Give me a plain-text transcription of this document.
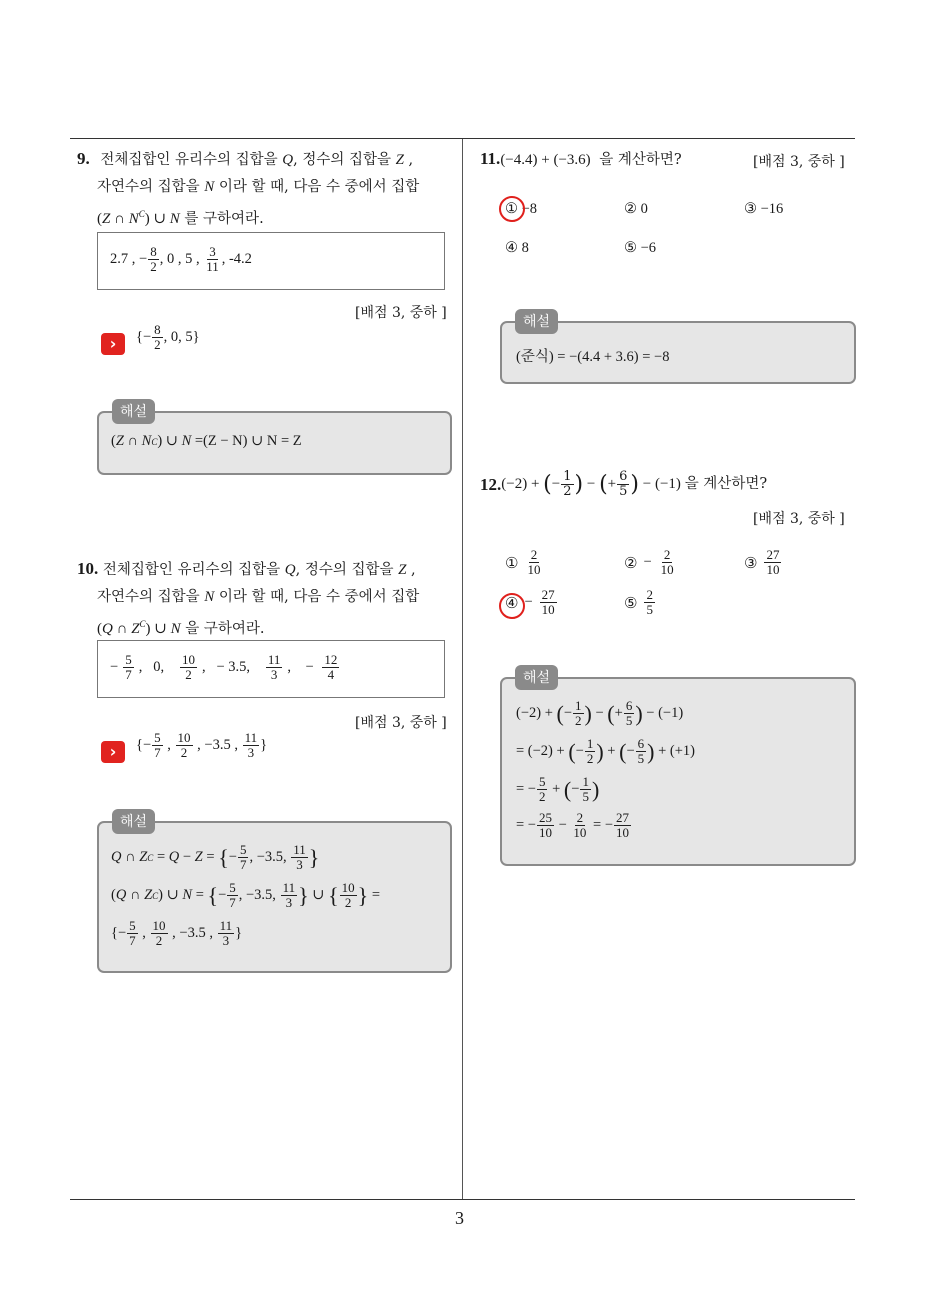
3
9. 전체집합인 유리수의 집합을 Q, 정수의 집합을 Z ,
자연수의 집합을 N 이라 할 때, 다음 수 중에서 집합
(Z ∩ $N^C$) ∪ N 를 구하여라.
2.7 , − $\frac{8}{2}$ , 0 , 5 ,
$\frac{3}{11}$ , -4.2
[배점 3, 중하 ]
›	{− $\frac{8}{2}$ , 0, 5}
( Z ∩ N C ) ∪ N
=(Z − N) ∪ N = Z
해설
10. 전체집합인 유리수의 집합을 Q, 정수의 집합을 Z ,
자연수의 집합을 N 이라 할 때, 다음 수 중에서 집합
(Q ∩ $Z^C$) ∪ N 을 구하여라.
− $\frac{5}{7}$ ,   0, $\frac{10}{2}$ ,   − 3.5, $\frac{11}{3}$ ,    − $\frac{12}{4}$
[배점 3, 중하 ]
›	{− $\frac{5}{7}$ , $\frac{10}{2}$ , −3.5 , $\frac{11}{3}$ }
Q ∩ Z C = Q − Z = { − $\frac{5}{7}$ , −3.5, $\frac{11}{3}$ }
( Q ∩ Z C ) ∪ N = { − $\frac{5}{7}$ , −3.5, $\frac{11}{3}$ } ∪ { $\frac{10}{2}$ } =
{− $\frac{5}{7}$ , $\frac{10}{2}$ , −3.5 , $\frac{11}{3}$ }
해설
11.(−4.4) + (−3.6) 을 계산하면?	[배점 3, 중하 ]
① −8	② 0	③ −16
④ 8	⑤ −6
(준식) = −(4.4 + 3.6) = −8
해설
12. (−2) + ( − $\frac{1}{2}$ ) − ( + $\frac{6}{5}$ ) − (−1) 을 계산하면?
[배점 3, 중하 ]
① $\frac{2}{10}$	② − $\frac{2}{10}$	③ $\frac{27}{10}$
④ − $\frac{27}{10}$	⑤ $\frac{2}{5}$
(−2) + ( − $\frac{1}{2}$ ) − ( + $\frac{6}{5}$ ) − (−1)
= (−2) + ( − $\frac{1}{2}$ ) + ( − $\frac{6}{5}$ ) + (+1)
= − $\frac{5}{2}$ + ( − $\frac{1}{5}$ )
= − $\frac{25}{10} - \frac{2}{10}$ = − $\frac{27}{10}$
해설
